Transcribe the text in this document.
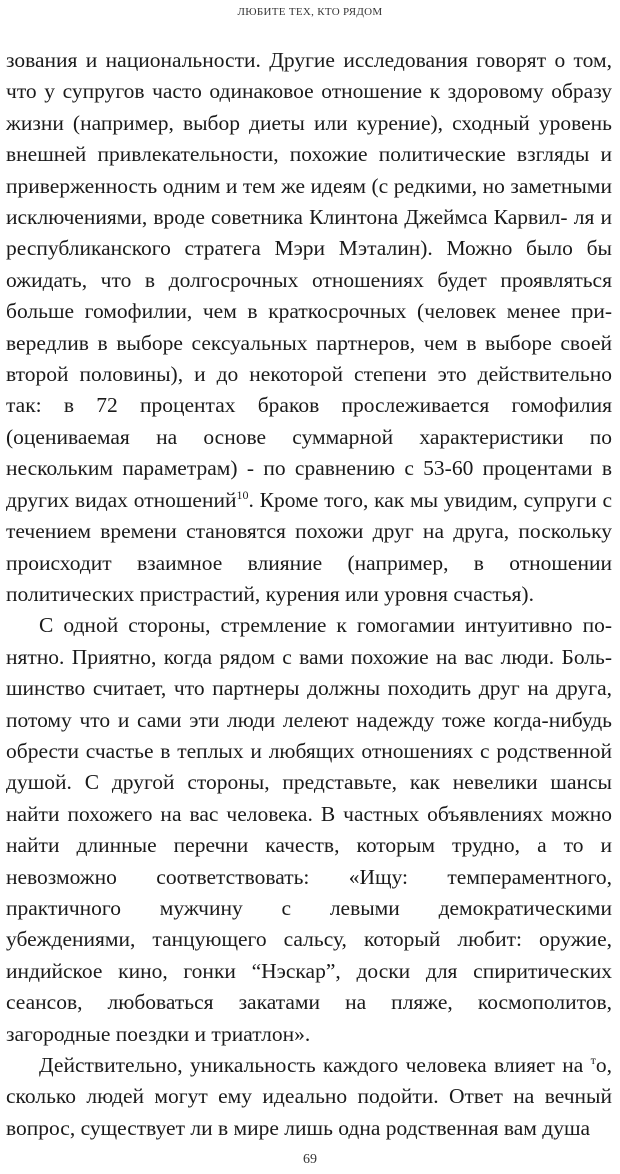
ЛЮБИТЕ ТЕХ, КТО РЯДОМ

зования и национальности. Другие исследования говорят о том, что у супругов часто одинаковое отношение к здоровому образу жизни (например, выбор диеты или курение), сходный уровень внешней привлекательности, похожие политические взгляды и приверженность одним и тем же идеям (с редкими, но заметными исключениями, вроде советника Клинтона Джеймса Карвил- ля и республиканского стратега Мэри Мэталин). Можно было бы ожидать, что в долгосрочных отношениях будет проявляться больше гомофилии, чем в краткосрочных (человек менее при- вередлив в выборе сексуальных партнеров, чем в выборе своей второй половины), и до некоторой степени это действительно так: в 72 процентах браков прослеживается гомофилия (оцениваемая на основе суммарной характеристики по нескольким параметрам) - по сравнению с 53-60 процентами в других видах отношений$^{10}$. Кроме того, как мы увидим, супруги с течением времени становятся похожи друг на друга, поскольку происходит взаимное влияние (например, в отношении политических пристрастий, курения или уровня счастья).

С одной стороны, стремление к гомогамии интуитивно по- нятно. Приятно, когда рядом с вами похожие на вас люди. Боль- шинство считает, что партнеры должны походить друг на друга, потому что и сами эти люди лелеют надежду тоже когда-нибудь обрести счастье в теплых и любящих отношениях с родственной душой. С другой стороны, представьте, как невелики шансы найти похожего на вас человека. В частных объявлениях можно найти длинные перечни качеств, которым трудно, а то и невозможно соответствовать: «Ищу: темпераментного, практичного мужчину с левыми демократическими убеждениями, танцующего сальсу, который любит: оружие, индийское кино, гонки “Нэскар”, доски для спиритических сеансов, любоваться закатами на пляже, космополитов, загородные поездки и триатлон».

Действительно, уникальность каждого человека влияет на $^т$о, сколько людей могут ему идеально подойти. Ответ на вечный вопрос, существует ли в мире лишь одна родственная вам душа

69
